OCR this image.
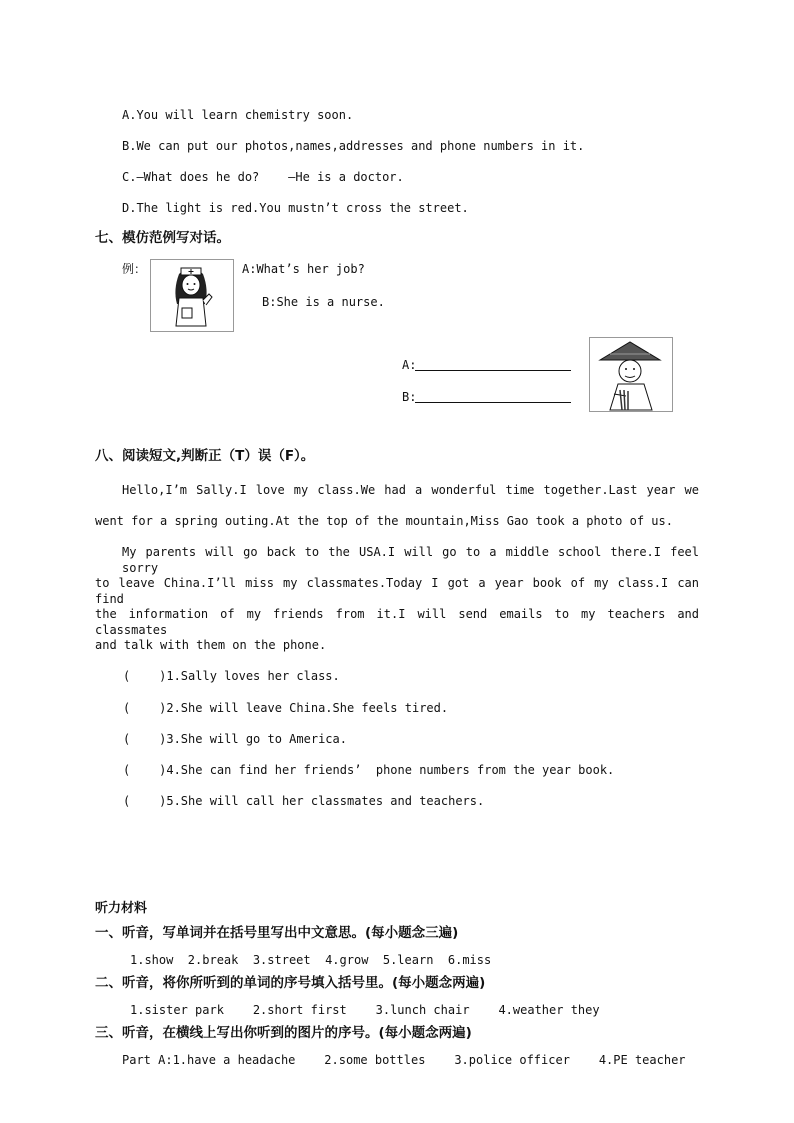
A.You will learn chemistry soon.
B.We can put our photos,names,addresses and phone numbers in it.
C.—What does he do?    —He is a doctor.
D.The light is red.You mustn’t cross the street.
七、模仿范例写对话。
例：	A:What’s her job?
B:She is a nurse.
A:
B:
八、阅读短文,判断正（T）误（F）。
Hello,I’m Sally.I love my class.We had a wonderful time together.Last year we
went for a spring outing.At the top of the mountain,Miss Gao took a photo of us.
My parents will go back to the USA.I will go to a middle school there.I feel sorry
to leave China.I’ll miss my classmates.Today I got a year book of my class.I can find
the information of my friends from it.I will send emails to my teachers and classmates
and talk with them on the phone.
(    )1.Sally loves her class.
(    )2.She will leave China.She feels tired.
(    )3.She will go to America.
(    )4.She can find her friends’  phone numbers from the year book.
(    )5.She will call her classmates and teachers.
听力材料
一、听音，写单词并在括号里写出中文意思。(每小题念三遍)
1.show  2.break  3.street  4.grow  5.learn  6.miss
二、听音，将你所听到的单词的序号填入括号里。(每小题念两遍)
1.sister park    2.short first    3.lunch chair    4.weather they
三、听音，在横线上写出你听到的图片的序号。(每小题念两遍)
Part A:1.have a headache    2.some bottles    3.police officer    4.PE teacher
